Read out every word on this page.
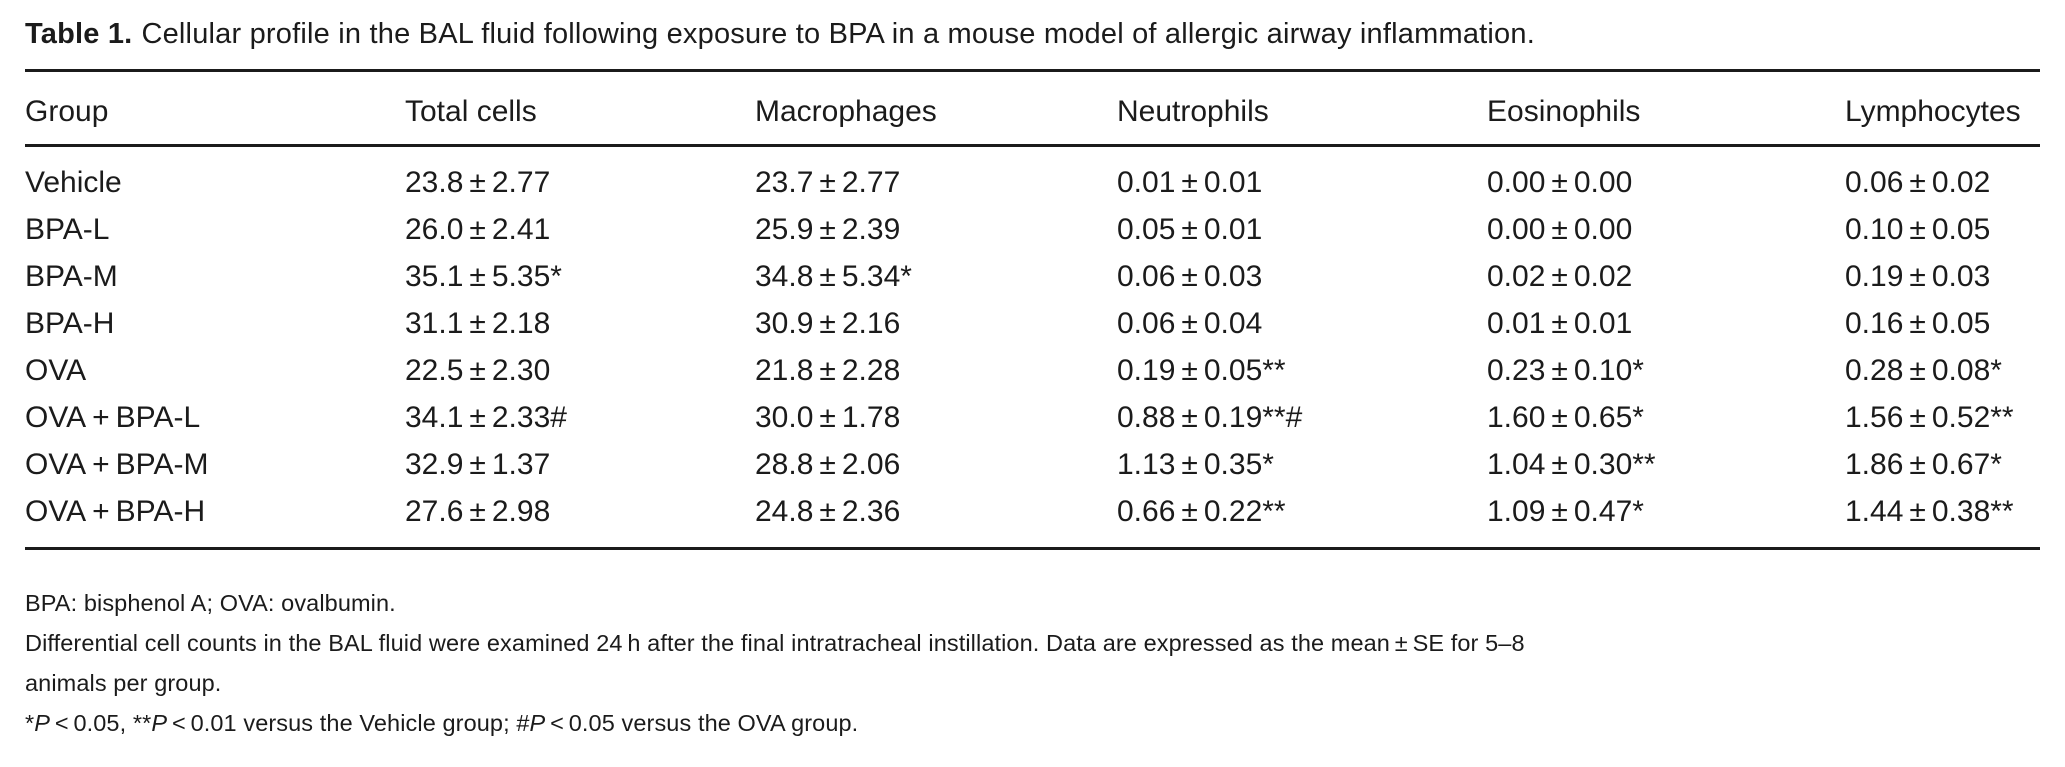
Table 1. Cellular profile in the BAL fluid following exposure to BPA in a mouse model of allergic airway inflammation.
Group	Total cells	Macrophages	Neutrophils	Eosinophils	Lymphocytes
Vehicle	23.8 ± 2.77	23.7 ± 2.77	0.01 ± 0.01	0.00 ± 0.00	0.06 ± 0.02
BPA-L	26.0 ± 2.41	25.9 ± 2.39	0.05 ± 0.01	0.00 ± 0.00	0.10 ± 0.05
BPA-M	35.1 ± 5.35*	34.8 ± 5.34*	0.06 ± 0.03	0.02 ± 0.02	0.19 ± 0.03
BPA-H	31.1 ± 2.18	30.9 ± 2.16	0.06 ± 0.04	0.01 ± 0.01	0.16 ± 0.05
OVA	22.5 ± 2.30	21.8 ± 2.28	0.19 ± 0.05**	0.23 ± 0.10*	0.28 ± 0.08*
OVA + BPA-L	34.1 ± 2.33#	30.0 ± 1.78	0.88 ± 0.19**#	1.60 ± 0.65*	1.56 ± 0.52**
OVA + BPA-M	32.9 ± 1.37	28.8 ± 2.06	1.13 ± 0.35*	1.04 ± 0.30**	1.86 ± 0.67*
OVA + BPA-H	27.6 ± 2.98	24.8 ± 2.36	0.66 ± 0.22**	1.09 ± 0.47*	1.44 ± 0.38**
BPA: bisphenol A; OVA: ovalbumin.
Differential cell counts in the BAL fluid were examined 24 h after the final intratracheal instillation. Data are expressed as the mean ± SE for 5–8
animals per group.
*P < 0.05, **P < 0.01 versus the Vehicle group; #P < 0.05 versus the OVA group.
